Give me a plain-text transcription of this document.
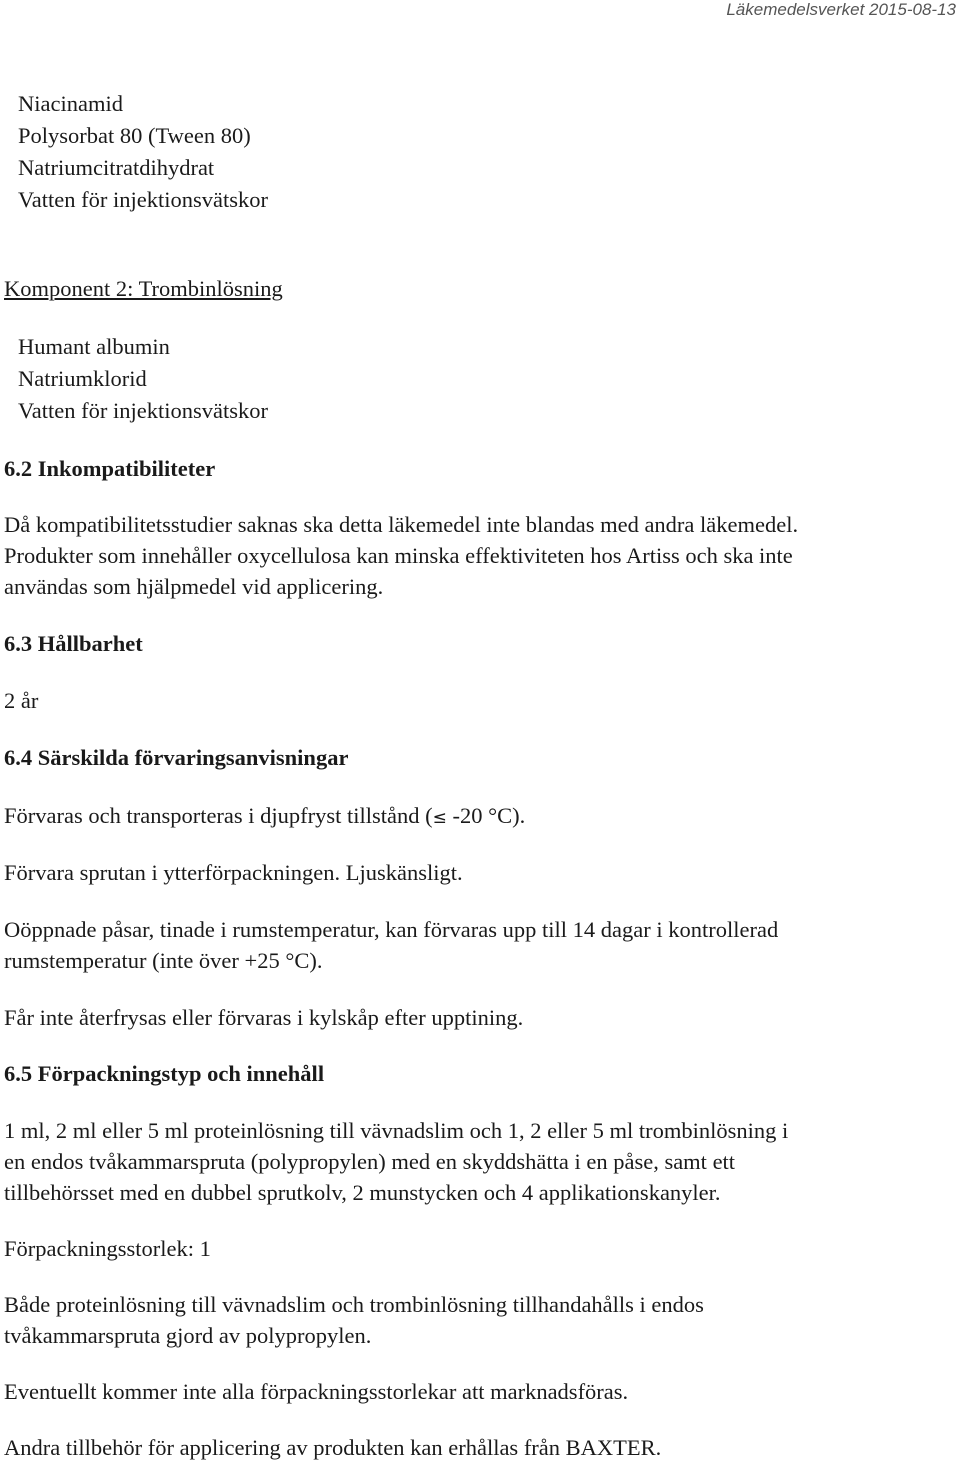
Läkemedelsverket 2015-08-13
Niacinamid
Polysorbat 80 (Tween 80)
Natriumcitratdihydrat
Vatten för injektionsvätskor
Komponent 2: Trombinlösning
Humant albumin
Natriumklorid
Vatten för injektionsvätskor
6.2 Inkompatibiliteter
Då kompatibilitetsstudier saknas ska detta läkemedel inte blandas med andra läkemedel.
Produkter som innehåller oxycellulosa kan minska effektiviteten hos Artiss och ska inte
användas som hjälpmedel vid applicering.
6.3 Hållbarhet
2 år
6.4 Särskilda förvaringsanvisningar
Förvaras och transporteras i djupfryst tillstånd (≤ -20 °C).
Förvara sprutan i ytterförpackningen. Ljuskänsligt.
Oöppnade påsar, tinade i rumstemperatur, kan förvaras upp till 14 dagar i kontrollerad
rumstemperatur (inte över +25 °C).
Får inte återfrysas eller förvaras i kylskåp efter upptining.
6.5 Förpackningstyp och innehåll
1 ml, 2 ml eller 5 ml proteinlösning till vävnadslim och 1, 2 eller 5 ml trombinlösning i
en endos tvåkammarspruta (polypropylen) med en skyddshätta i en påse, samt ett
tillbehörsset med en dubbel sprutkolv, 2 munstycken och 4 applikationskanyler.
Förpackningsstorlek: 1
Både proteinlösning till vävnadslim och trombinlösning tillhandahålls i endos
tvåkammarspruta gjord av polypropylen.
Eventuellt kommer inte alla förpackningsstorlekar att marknadsföras.
Andra tillbehör för applicering av produkten kan erhållas från BAXTER.
